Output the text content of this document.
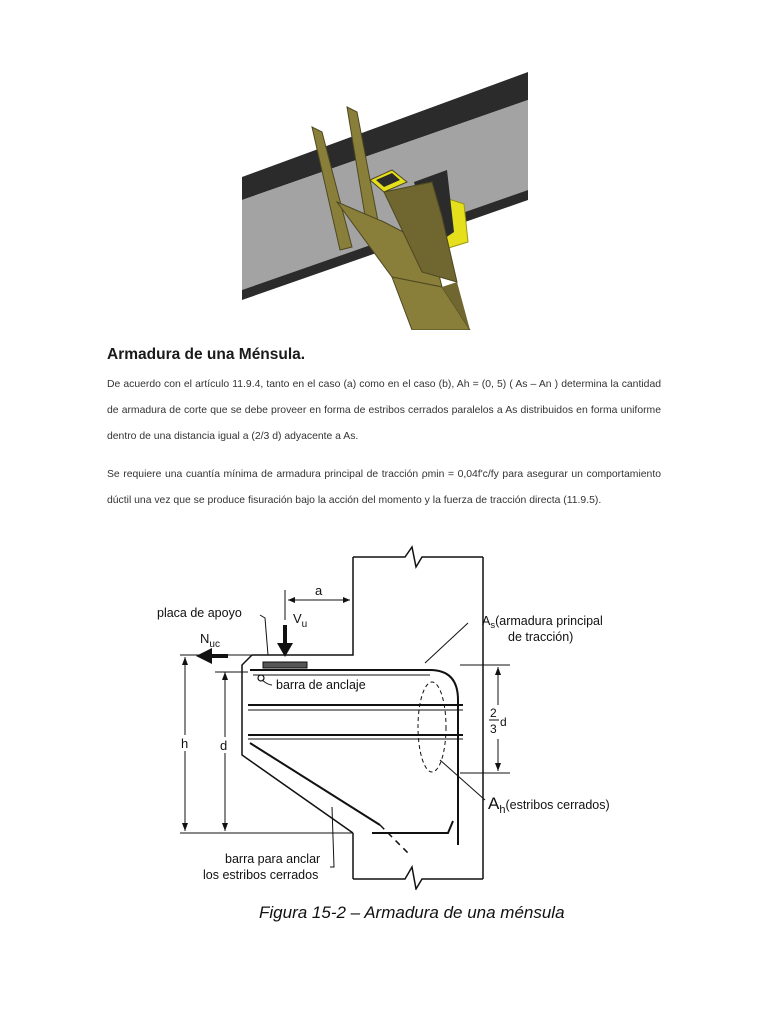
Armadura de una Ménsula.
De acuerdo con el artículo 11.9.4, tanto en el caso (a) como en el caso (b), Ah = (0, 5) ( As – An ) determina la cantidad de armadura de corte que se debe proveer en forma de estribos cerrados paralelos a As distribuidos en forma uniforme dentro de una distancia igual a (2/3 d) adyacente a As.
Se requiere una cuantía mínima de armadura principal de tracción ρmin = 0,04f'c/fy para asegurar un comportamiento dúctil una vez que se produce fisuración bajo la acción del momento y la fuerza de tracción directa (11.9.5).
a
placa de apoyo	$V_u$
$N_{uc}$
$A_s(armadura$ principal
de tracción)
barra de anclaje
h d
2
3 d
$A_h^{(estribos cerrados)}$
barra para anclar
los estribos cerrados
Figura 15-2 – Armadura de una ménsula
